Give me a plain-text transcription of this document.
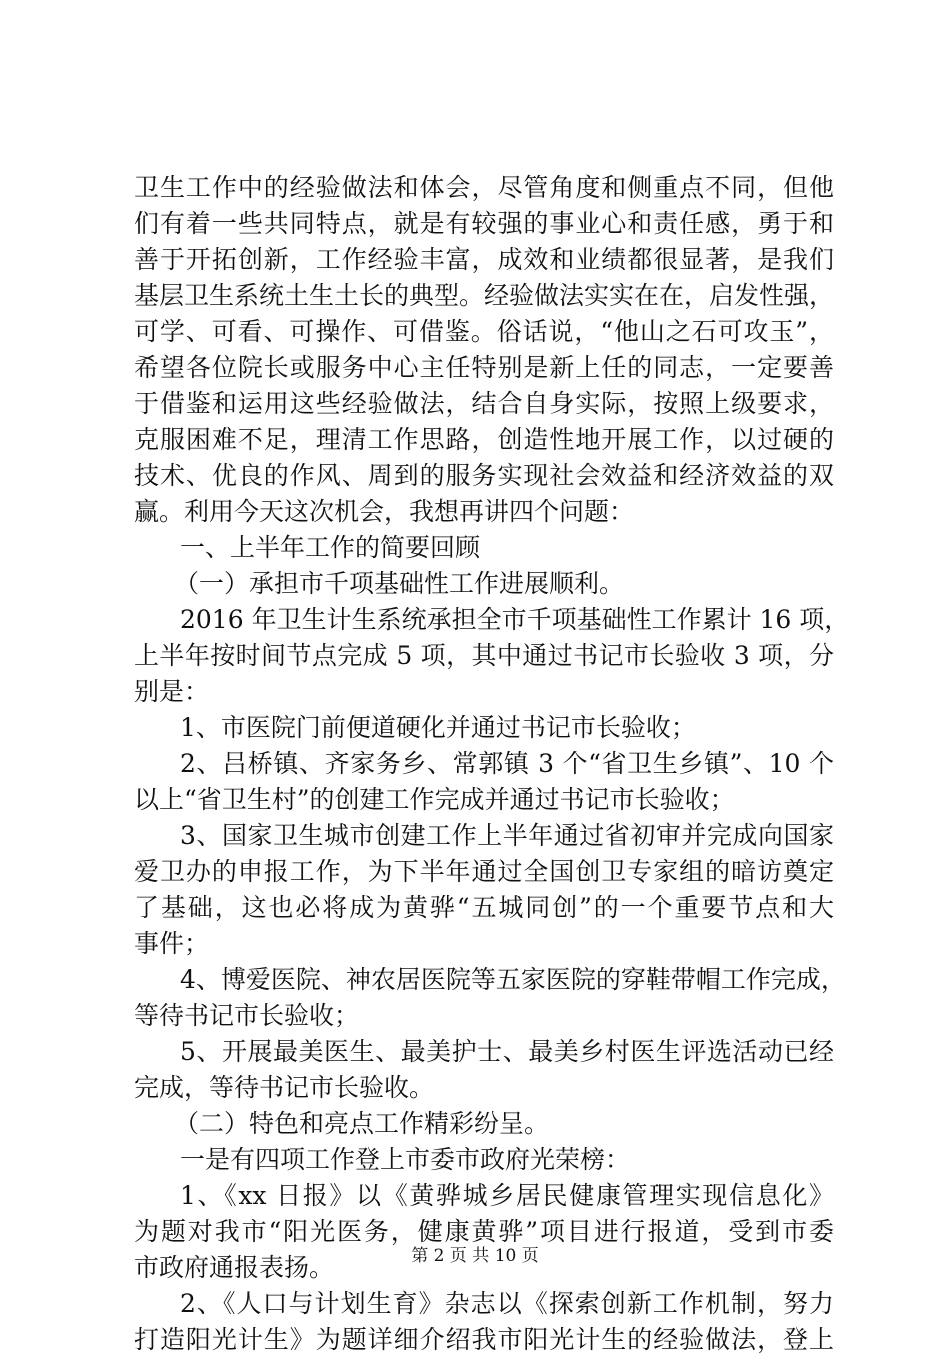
卫生工作中的经验做法和体会，尽管角度和侧重点不同，但他
们有着一些共同特点，就是有较强的事业心和责任感，勇于和
善于开拓创新，工作经验丰富，成效和业绩都很显著，是我们
基层卫生系统土生土长的典型。经验做法实实在在，启发性强，
可学、可看、可操作、可借鉴。俗话说，“他山之石可攻玉”，
希望各位院长或服务中心主任特别是新上任的同志，一定要善
于借鉴和运用这些经验做法，结合自身实际，按照上级要求，
克服困难不足，理清工作思路，创造性地开展工作，以过硬的
技术、优良的作风、周到的服务实现社会效益和经济效益的双
赢。利用今天这次机会，我想再讲四个问题：
一、上半年工作的简要回顾
（一）承担市千项基础性工作进展顺利。
2016 年卫生计生系统承担全市千项基础性工作累计 16 项，
上半年按时间节点完成 5 项，其中通过书记市长验收 3 项，分
别是：
1、市医院门前便道硬化并通过书记市长验收；
2、吕桥镇、齐家务乡、常郭镇 3 个“省卫生乡镇”、10 个
以上“省卫生村”的创建工作完成并通过书记市长验收；
3、国家卫生城市创建工作上半年通过省初审并完成向国家
爱卫办的申报工作，为下半年通过全国创卫专家组的暗访奠定
了基础，这也必将成为黄骅“五城同创”的一个重要节点和大
事件；
4、博爱医院、神农居医院等五家医院的穿鞋带帽工作完成，
等待书记市长验收；
5、开展最美医生、最美护士、最美乡村医生评选活动已经
完成，等待书记市长验收。
（二）特色和亮点工作精彩纷呈。
一是有四项工作登上市委市政府光荣榜：
1、《xx 日报》以《黄骅城乡居民健康管理实现信息化》
为题对我市“阳光医务，健康黄骅”项目进行报道，受到市委
市政府通报表扬。
2、《人口与计划生育》杂志以《探索创新工作机制，努力
打造阳光计生》为题详细介绍我市阳光计生的经验做法，登上
第 2 页 共 10 页
